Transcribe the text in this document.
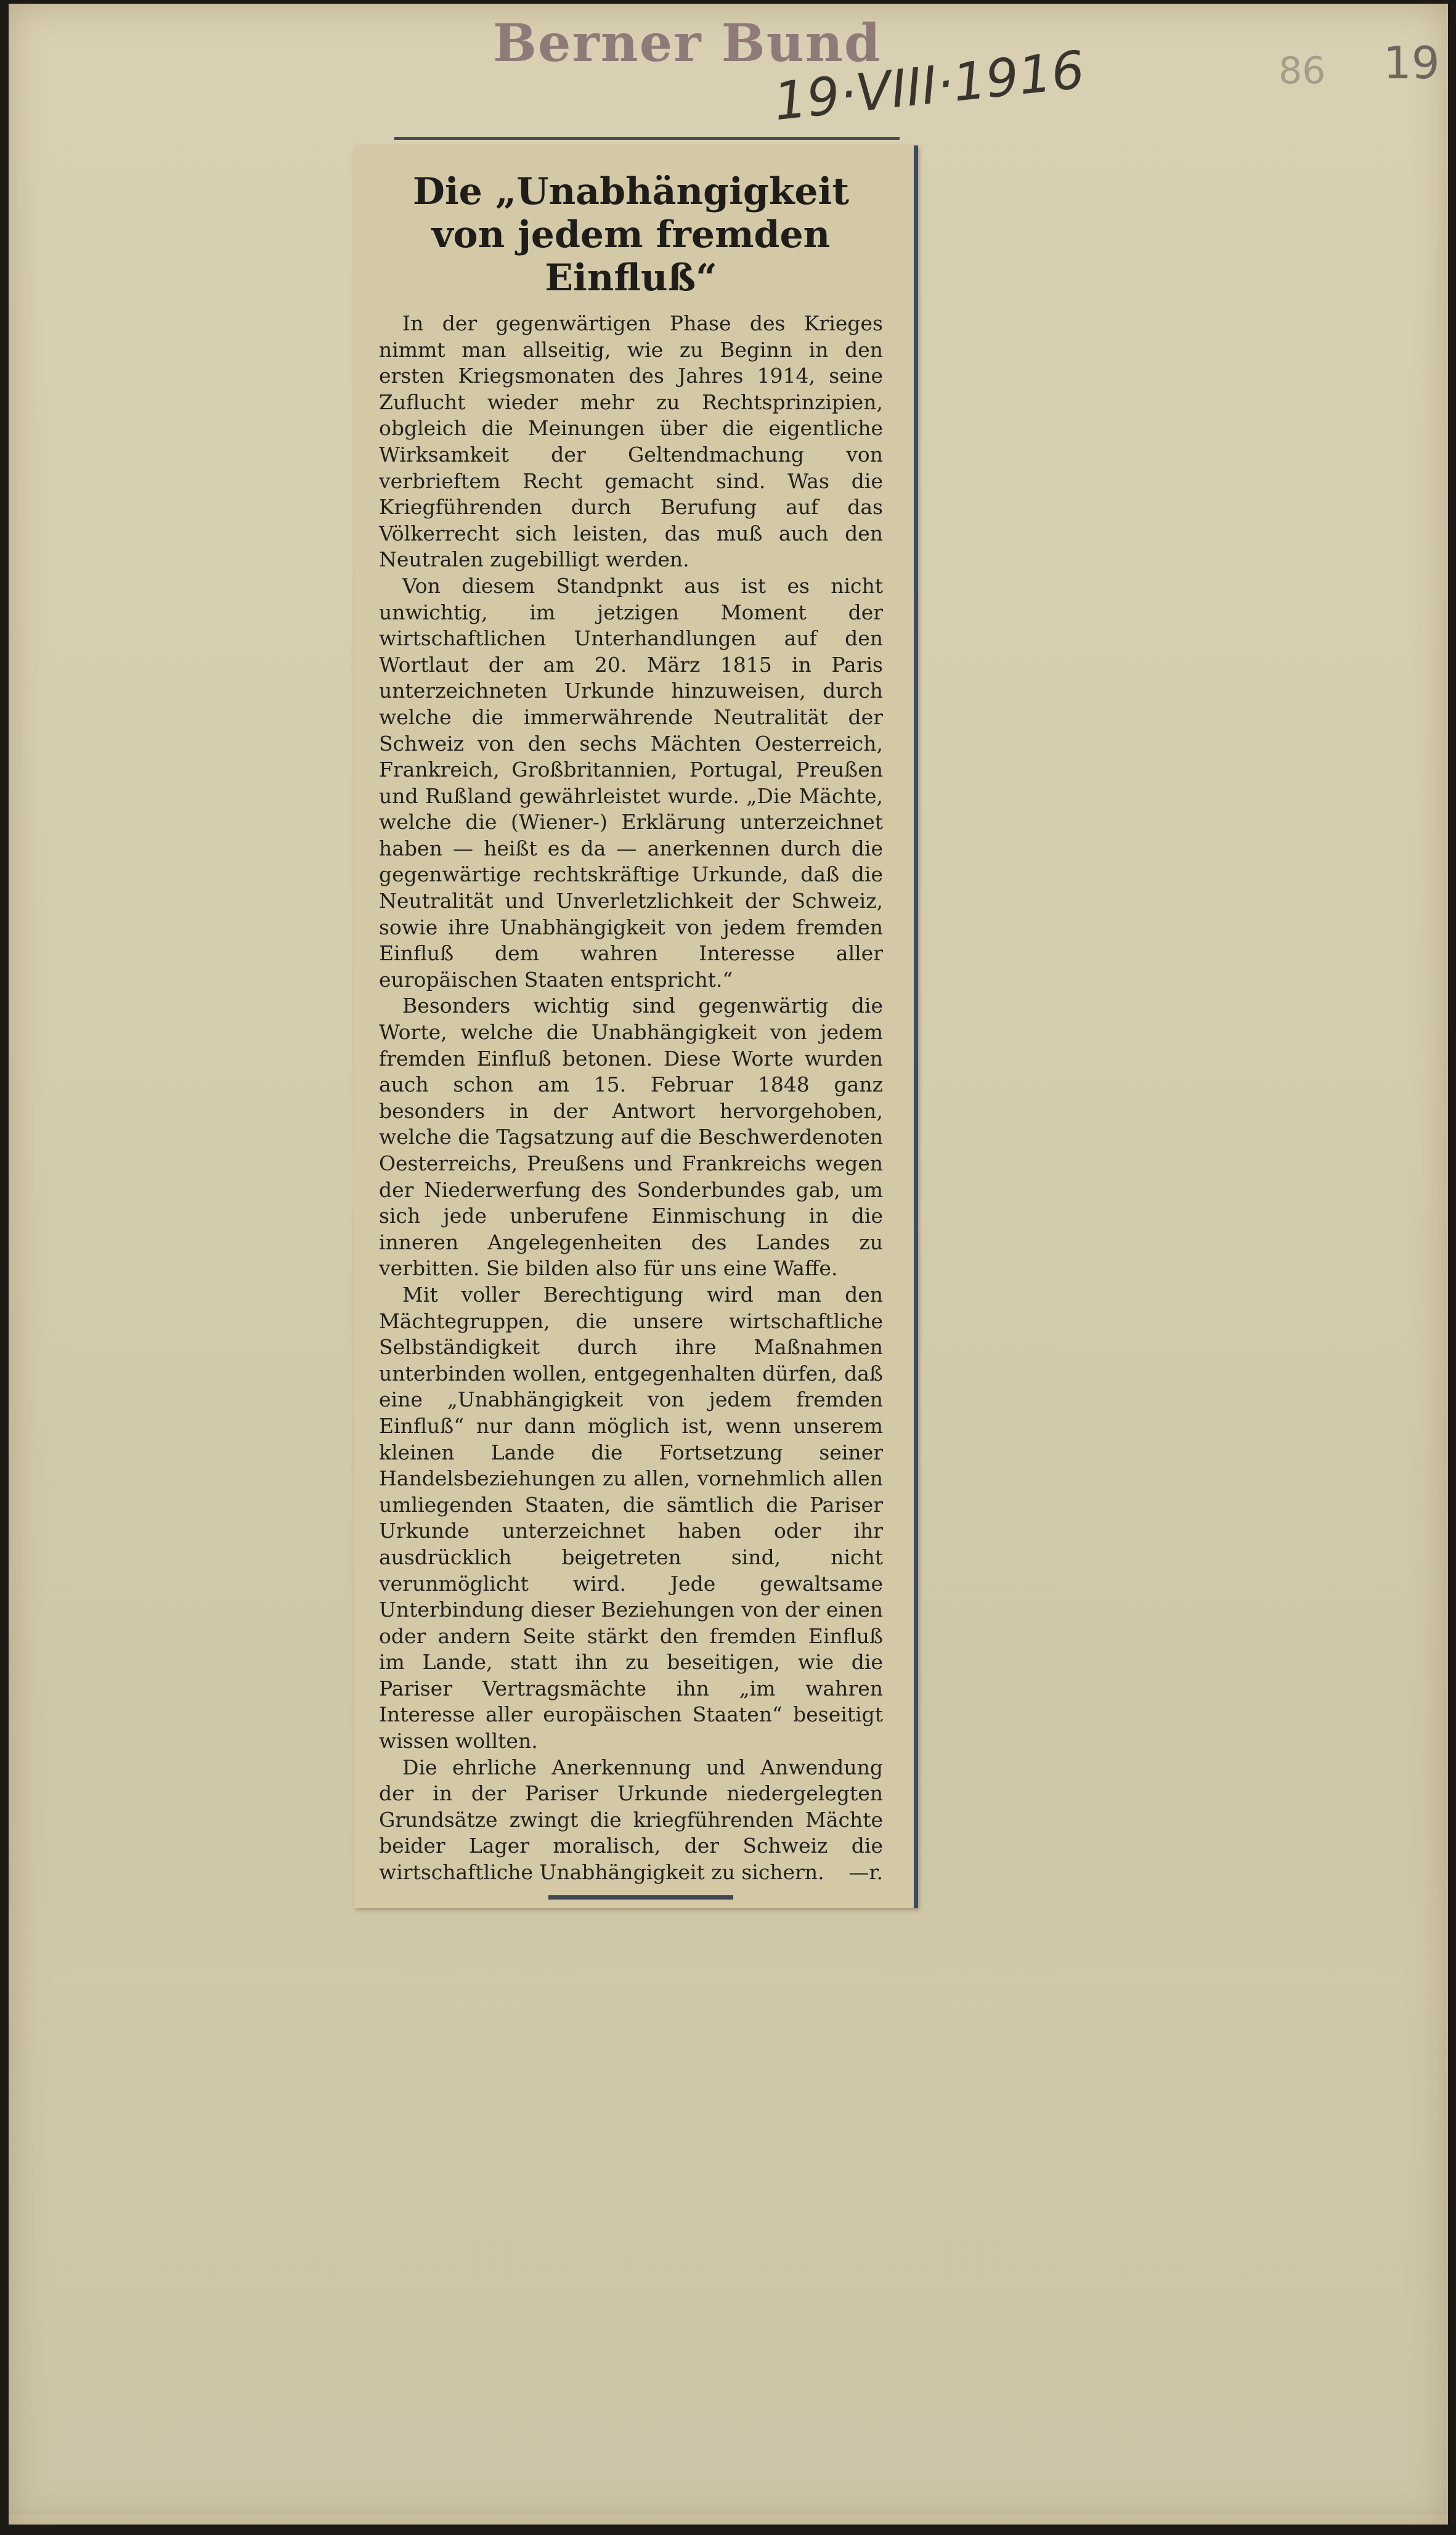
Berner Bund
19·VIII·1916	86 19
Die „Unabhängigkeit
von jedem fremden Einfluß“

In der gegenwärtigen Phase des Krieges nimmt man allseitig, wie zu Beginn in den ersten Kriegsmonaten des Jahres 1914, seine Zuflucht wieder mehr zu Rechtsprinzipien, obgleich die Meinungen über die eigentliche Wirksamkeit der Geltendmachung von verbrieftem Recht gemacht sind. Was die Kriegführenden durch Berufung auf das Völkerrecht sich leisten, das muß auch den Neutralen zugebilligt werden.

Von diesem Standpnkt aus ist es nicht unwichtig, im jetzigen Moment der wirtschaftlichen Unterhandlungen auf den Wortlaut der am 20. März 1815 in Paris unterzeichneten Urkunde hinzuweisen, durch welche die immerwährende Neutralität der Schweiz von den sechs Mächten Oesterreich, Frankreich, Großbritannien, Portugal, Preußen und Rußland gewährleistet wurde. „Die Mächte, welche die (Wiener-) Erklärung unterzeichnet haben — heißt es da — anerkennen durch die gegenwärtige rechtskräftige Urkunde, daß die Neutralität und Unverletzlichkeit der Schweiz, sowie ihre Unabhängigkeit von jedem fremden Einfluß dem wahren Interesse aller europäischen Staaten entspricht.“

Besonders wichtig sind gegenwärtig die Worte, welche die Unabhängigkeit von jedem fremden Einfluß betonen. Diese Worte wurden auch schon am 15. Februar 1848 ganz besonders in der Antwort hervorgehoben, welche die Tagsatzung auf die Beschwerdenoten Oesterreichs, Preußens und Frankreichs wegen der Niederwerfung des Sonderbundes gab, um sich jede unberufene Einmischung in die inneren Angelegenheiten des Landes zu verbitten. Sie bilden also für uns eine Waffe.

Mit voller Berechtigung wird man den Mächtegruppen, die unsere wirtschaftliche Selbständigkeit durch ihre Maßnahmen unterbinden wollen, entgegenhalten dürfen, daß eine „Unabhängigkeit von jedem fremden Einfluß“ nur dann möglich ist, wenn unserem kleinen Lande die Fortsetzung seiner Handelsbeziehungen zu allen, vornehmlich allen umliegenden Staaten, die sämtlich die Pariser Urkunde unterzeichnet haben oder ihr ausdrücklich beigetreten sind, nicht verunmöglicht wird. Jede gewaltsame Unterbindung dieser Beziehungen von der einen oder andern Seite stärkt den fremden Einfluß im Lande, statt ihn zu beseitigen, wie die Pariser Vertragsmächte ihn „im wahren Interesse aller europäischen Staaten“ beseitigt wissen wollten.

Die ehrliche Anerkennung und Anwendung der in der Pariser Urkunde niedergelegten Grundsätze zwingt die kriegführenden Mächte beider Lager moralisch, der Schweiz die wirtschaftliche Unabhängigkeit zu sichern.	—r.
